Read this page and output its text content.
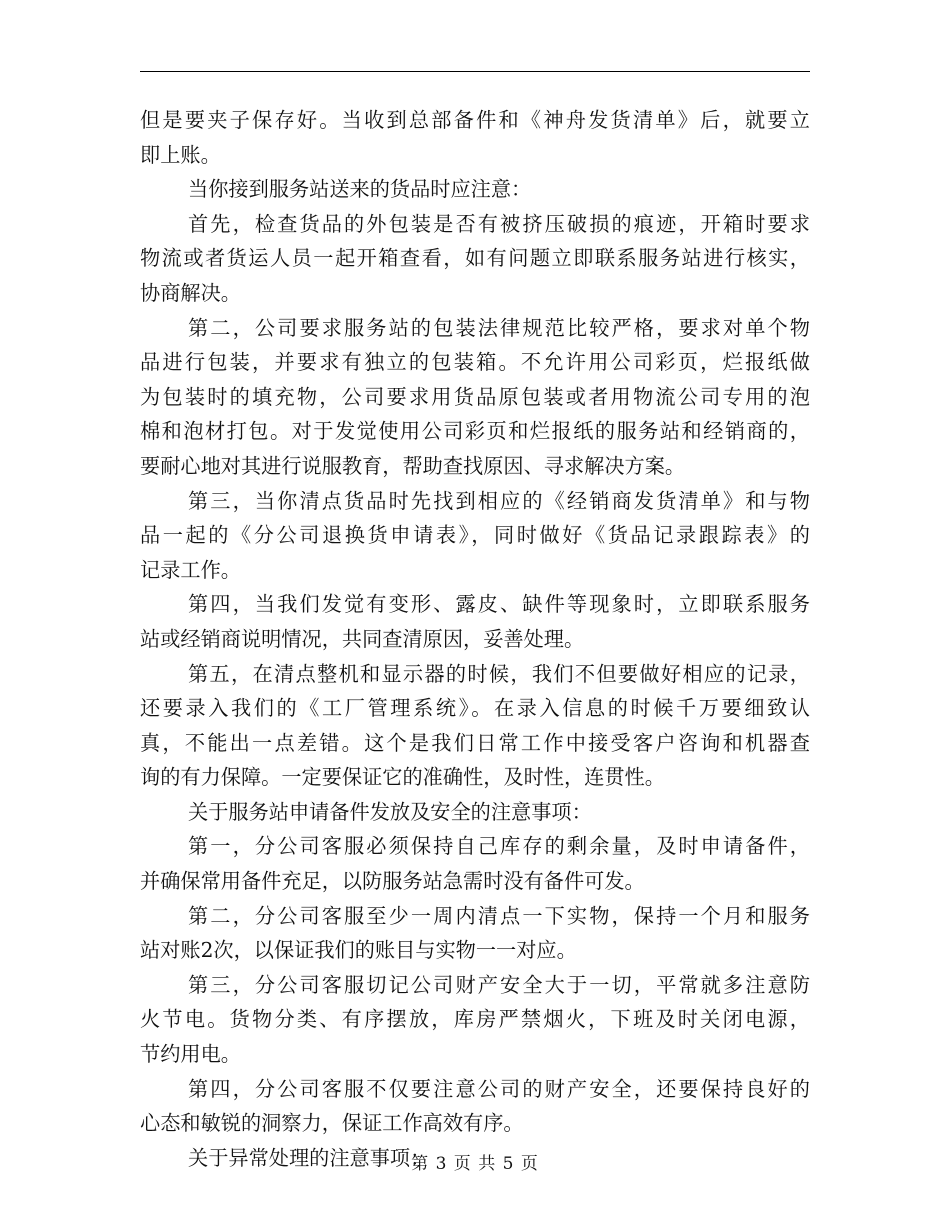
但是要夹子保存好。当收到总部备件和《神舟发货清单》后，就要立
即上账。
当你接到服务站送来的货品时应注意：
首先，检查货品的外包装是否有被挤压破损的痕迹，开箱时要求
物流或者货运人员一起开箱查看，如有问题立即联系服务站进行核实，
协商解决。
第二，公司要求服务站的包装法律规范比较严格，要求对单个物
品进行包装，并要求有独立的包装箱。不允许用公司彩页，烂报纸做
为包装时的填充物，公司要求用货品原包装或者用物流公司专用的泡
棉和泡材打包。对于发觉使用公司彩页和烂报纸的服务站和经销商的，
要耐心地对其进行说服教育，帮助查找原因、寻求解决方案。
第三，当你清点货品时先找到相应的《经销商发货清单》和与物
品一起的《分公司退换货申请表》，同时做好《货品记录跟踪表》的
记录工作。
第四，当我们发觉有变形、露皮、缺件等现象时，立即联系服务
站或经销商说明情况，共同查清原因，妥善处理。
第五，在清点整机和显示器的时候，我们不但要做好相应的记录，
还要录入我们的《工厂管理系统》。在录入信息的时候千万要细致认
真，不能出一点差错。这个是我们日常工作中接受客户咨询和机器查
询的有力保障。一定要保证它的准确性，及时性，连贯性。
关于服务站申请备件发放及安全的注意事项：
第一，分公司客服必须保持自己库存的剩余量，及时申请备件，
并确保常用备件充足，以防服务站急需时没有备件可发。
第二，分公司客服至少一周内清点一下实物，保持一个月和服务
站对账2次，以保证我们的账目与实物一一对应。
第三，分公司客服切记公司财产安全大于一切，平常就多注意防
火节电。货物分类、有序摆放，库房严禁烟火，下班及时关闭电源，
节约用电。
第四，分公司客服不仅要注意公司的财产安全，还要保持良好的
心态和敏锐的洞察力，保证工作高效有序。
关于异常处理的注意事项：
第 3 页 共 5 页
